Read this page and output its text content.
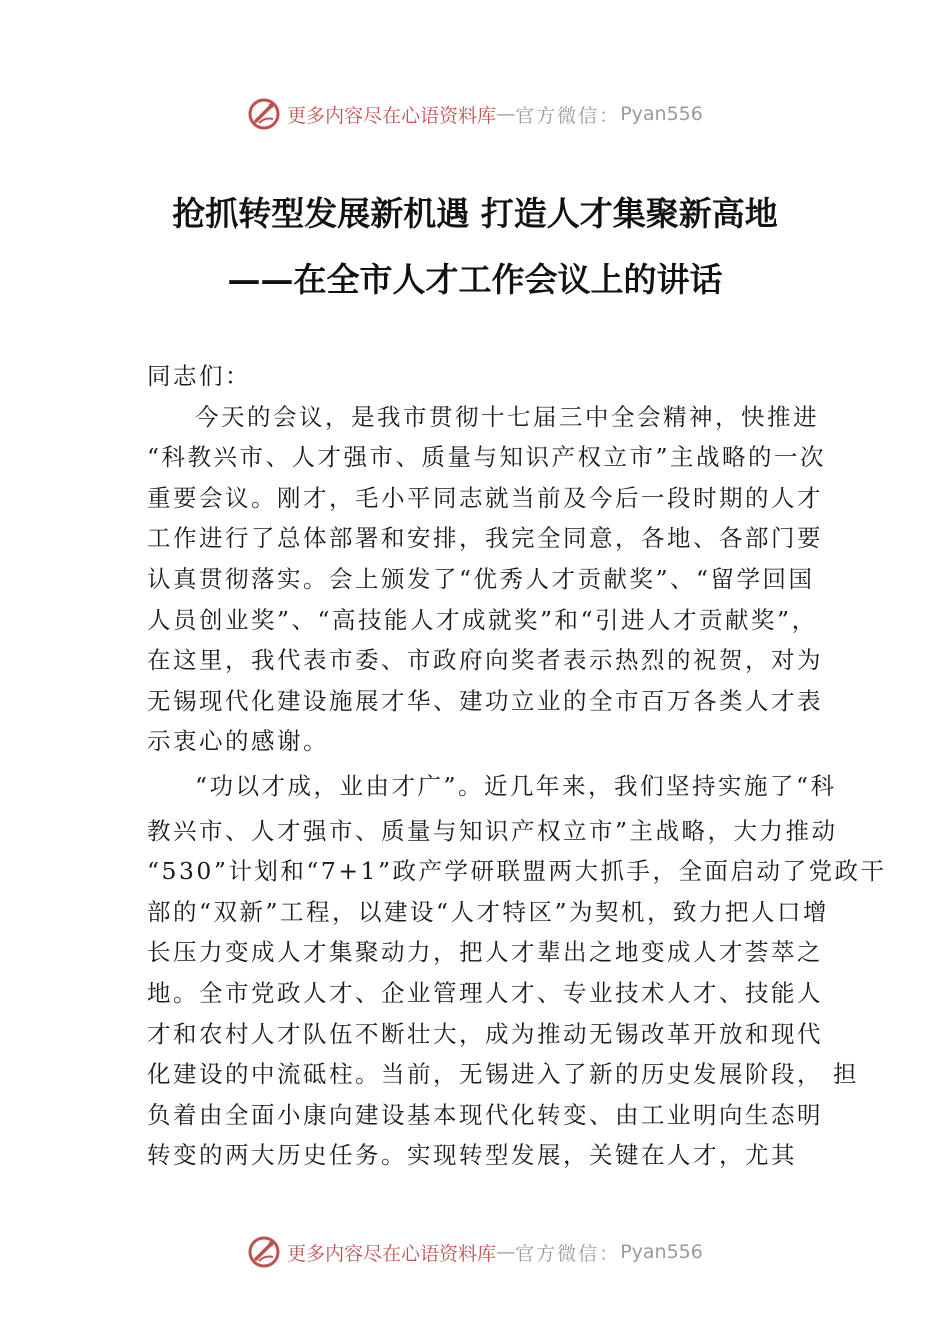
更多内容尽在心语资料库 — 官方微信： Pyan556
抢抓转型发展新机遇 打造人才集聚新高地
——在全市人才工作会议上的讲话
同志们：
今天的会议，是我市贯彻十七届三中全会精神，快推进
“科教兴市、人才强市、质量与知识产权立市”主战略的一次
重要会议。刚才，毛小平同志就当前及今后一段时期的人才
工作进行了总体部署和安排，我完全同意，各地、各部门要
认真贯彻落实。会上颁发了“优秀人才贡献奖”、“留学回国
人员创业奖”、“高技能人才成就奖”和“引进人才贡献奖”，
在这里，我代表市委、市政府向奖者表示热烈的祝贺，对为
无锡现代化建设施展才华、建功立业的全市百万各类人才表
示衷心的感谢。
“功以才成，业由才广”。近几年来，我们坚持实施了“科
教兴市、人才强市、质量与知识产权立市”主战略，大力推动
“530”计划和“7+1”政产学研联盟两大抓手，全面启动了党政干
部的“双新”工程，以建设“人才特区”为契机，致力把人口增
长压力变成人才集聚动力，把人才辈出之地变成人才荟萃之
地。全市党政人才、企业管理人才、专业技术人才、技能人
才和农村人才队伍不断壮大，成为推动无锡改革开放和现代
化建设的中流砥柱。当前，无锡进入了新的历史发展阶段， 担
负着由全面小康向建设基本现代化转变、由工业明向生态明
转变的两大历史任务。实现转型发展，关键在人才，尤其
更多内容尽在心语资料库 — 官方微信： Pyan556
